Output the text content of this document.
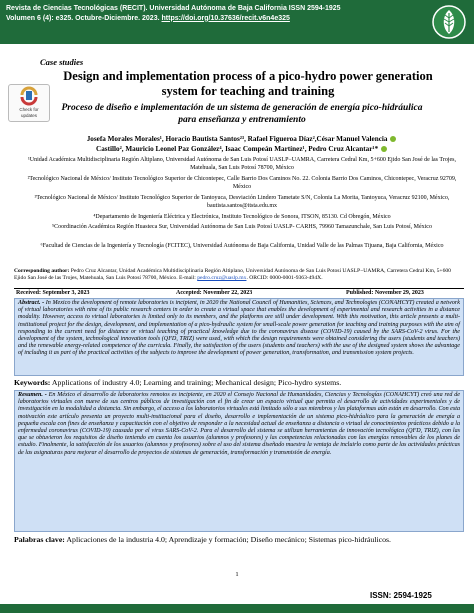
Revista de Ciencias Tecnológicas (RECIT). Universidad Autónoma de Baja California ISSN 2594-1925
Volumen 6 (4): e325. Octubre-Diciembre. 2023. https://doi.org/10.37636/recit.v6n4e325
Case studies
Check for
updates
Design and implementation process of a pico-hydro power generation system for teaching and training
Proceso de diseño e implementación de un sistema de generación de energía pico-hidráulica para enseñanza y entrenamiento
Josefa Morales Morales¹, Horacio Bautista Santos²³, Rafael Figueroa Díaz²,César Manuel Valencia
Castillo², Mauricio Leonel Paz González⁴, Isaac Compeán Martínez¹, Pedro Cruz Alcantar¹*
¹Unidad Académica Multidisciplinaria Región Altiplano, Universidad Autónoma de San Luis Potosí UASLP−UAMRA, Carretera Cedral Km, 5+600 Ejido San José de las Trojes, Matehuala, San Luis Potosí 78700, México
²Tecnológico Nacional de México/ Instituto Tecnológico Superior de Chicontepec, Calle Barrio Dos Caminos No. 22. Colonia Barrio Dos Caminos, Chicontepec, Veracruz 92709, México
³Tecnológico Nacional de México/ Instituto Tecnológico Superior de Tantoyuca, Desviación Lindero Tametate S/N, Colonia La Morita, Tantoyuca, Veracruz 92100, México, bautista.santos@itsta.edu.mx
⁴Departamento de Ingeniería Eléctrica y Electrónica, Instituto Tecnológico de Sonora, ITSON, 85130. Cd Obregón, México
⁵Coordinación Académica Región Huasteca Sur, Universidad Autónoma de San Luis Potosí UASLP- CARHS, 79960 Tamazunchale, San Luis Potosí, México
⁶Facultad de Ciencias de la Ingeniería y Tecnología (FCITEC), Universidad Autónoma de Baja California, Unidad Valle de las Palmas Tijuana, Baja California, México
Corresponding author: Pedro Cruz Alcantar, Unidad Académica Multidisciplinaria Región Altiplano, Universidad Autónoma de San Luis Potosí UASLP−UAMRA, Carretera Cedral Km, 5+600 Ejido San José de las Trojes, Matehuala, San Luis Potosí 78700, México. E-mail: pedro.cruz@uaslp.mx. ORCID: 0000-0001-9363-494X.
Received: September 3, 2023	Accepted: November 22, 2023	Published: November 29, 2023
Abstract. - In Mexico the development of remote laboratories is incipient, in 2020 the National Council of Humanities, Sciences, and Technologies (CONAHCYT) created a network of virtual laboratories with nine of its public research centers in order to create a virtual space that enables the development of experimental and research activities in a distance modality. However, access to virtual laboratories is limited only to its members, and the platforms are still under development. With this motivation, this article presents a multi-institutional project for the design, development, and implementation of a pico-hydraulic system for small-scale power generation for teaching and training purposes with the aim of responding to the current need for distance or virtual teaching of practical knowledge due to the coronavirus disease (COVID-19) caused by the SARS-CoV-2 virus. For the development of the system, technological innovation tools (QFD, TRIZ) were used, with which the design requirements were obtained considering the users (students and teachers) and the renewable energy-related competence of the curricula. Finally, the satisfaction of the users (students and teachers) with the use of the designed system shows the advantage of including it as part of the practical activities of the subjects to improve the development of power generation, transformation, and transmission system projects.
Keywords: Applications of industry 4.0; Learning and training; Mechanical design; Pico-hydro systems.
Resumen. - En México el desarrollo de laboratorios remotos es incipiente, en 2020 el Consejo Nacional de Humanidades, Ciencias y Tecnologías (CONAHCYT) creó una red de laboratorios virtuales con nueve de sus centros públicos de investigación con el fin de crear un espacio virtual que permita el desarrollo de actividades experimentales y de investigación en la modalidad a distancia. Sin embargo, el acceso a los laboratorios virtuales está limitado sólo a sus miembros y las plataformas aún están en desarrollo. Con esta motivación este artículo presenta un proyecto multi-institucional para el diseño, desarrollo e implementación de un sistema pico-hidráulico para la generación de energía a pequeña escala con fines de enseñanza y capacitación con el objetivo de responder a la necesidad actual de enseñanza a distancia o virtual de conocimientos prácticos debido a la enfermedad coronavirus (COVID-19) causada por el virus SARS-CoV-2. Para el desarrollo del sistema se utilizan herramientas de innovación tecnológica (QFD, TRIZ), con las que se obtuvieron los requisitos de diseño teniendo en cuenta los usuarios (alumnos y profesores) y las competencias relacionadas con las energías renovables de los planes de estudio. Finalmente, la satisfacción de los usuarios (alumnos y profesores) sobre el uso del sistema diseñado muestra la ventaja de incluirlo como parte de las actividades prácticas de las asignaturas para mejorar el desarrollo de proyectos de sistemas de generación, transformación y transmisión de energía.
Palabras clave: Aplicaciones de la industria 4.0; Aprendizaje y formación; Diseño mecánico; Sistemas pico-hidráulicos.
1
ISSN: 2594-1925
